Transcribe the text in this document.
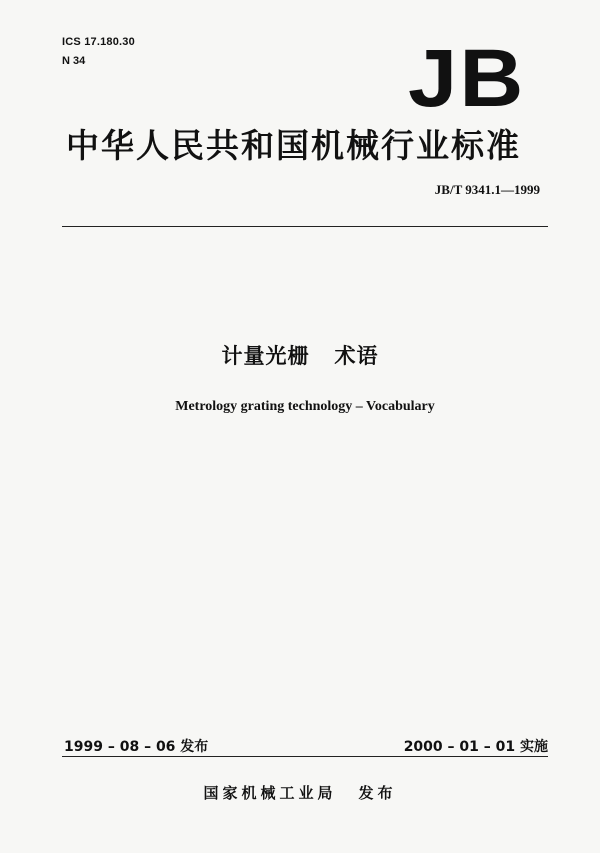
ICS 17.180.30
N 34	JB
中华人民共和国机械行业标准
JB/T 9341.1—1999
计量光栅   术语
Metrology grating technology – Vocabulary
1999 – 08 – 06 发布	2000 – 01 – 01 实施
国家机械工业局 发布
